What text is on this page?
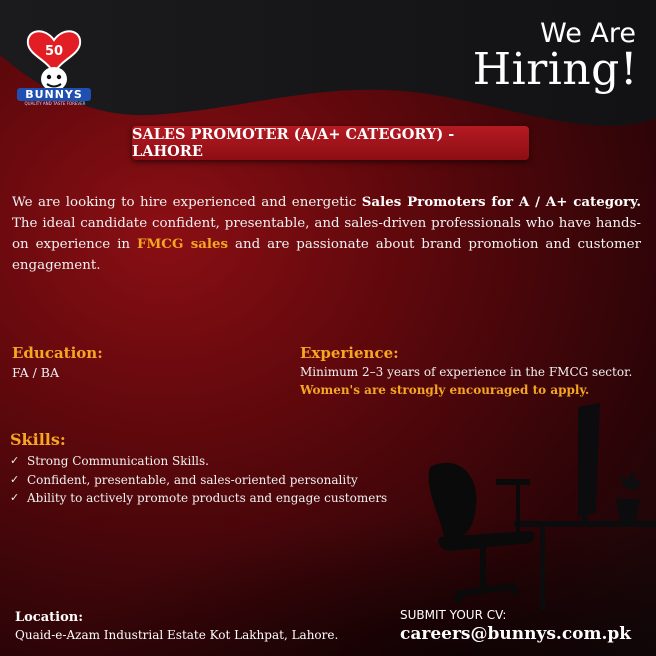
50
BUNNYS
QUALITY AND TASTE FOREVER
We Are
Hiring!
SALES PROMOTER (A/A+ CATEGORY) - LAHORE

We are looking to hire experienced and energetic Sales Promoters for A / A+ category. The ideal candidate confident, presentable, and sales-driven professionals who have hands-on experience in FMCG sales and are passionate about brand promotion and customer engagement.

Education:
FA / BA
Experience:
Minimum 2–3 years of experience in the FMCG sector.
Women's are strongly encouraged to apply.
Skills:
✓ Strong Communication Skills.
✓ Confident, presentable, and sales-oriented personality
✓ Ability to actively promote products and engage customers
Location:
Quaid-e-Azam Industrial Estate Kot Lakhpat, Lahore.
SUBMIT YOUR CV:
careers@bunnys.com.pk
